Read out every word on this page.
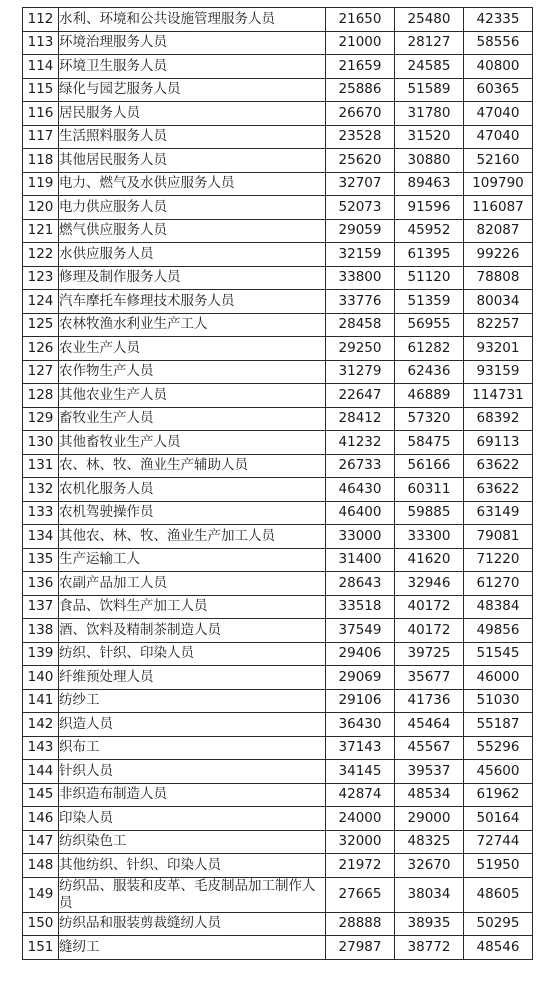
112	水利、环境和公共设施管理服务人员	21650	25480	42335
113	环境治理服务人员	21000	28127	58556
114	环境卫生服务人员	21659	24585	40800
115	绿化与园艺服务人员	25886	51589	60365
116	居民服务人员	26670	31780	47040
117	生活照料服务人员	23528	31520	47040
118	其他居民服务人员	25620	30880	52160
119	电力、燃气及水供应服务人员	32707	89463	109790
120	电力供应服务人员	52073	91596	116087
121	燃气供应服务人员	29059	45952	82087
122	水供应服务人员	32159	61395	99226
123	修理及制作服务人员	33800	51120	78808
124	汽车摩托车修理技术服务人员	33776	51359	80034
125	农林牧渔水利业生产工人	28458	56955	82257
126	农业生产人员	29250	61282	93201
127	农作物生产人员	31279	62436	93159
128	其他农业生产人员	22647	46889	114731
129	畜牧业生产人员	28412	57320	68392
130	其他畜牧业生产人员	41232	58475	69113
131	农、林、牧、渔业生产辅助人员	26733	56166	63622
132	农机化服务人员	46430	60311	63622
133	农机驾驶操作员	46400	59885	63149
134	其他农、林、牧、渔业生产加工人员	33000	33300	79081
135	生产运输工人	31400	41620	71220
136	农副产品加工人员	28643	32946	61270
137	食品、饮料生产加工人员	33518	40172	48384
138	酒、饮料及精制茶制造人员	37549	40172	49856
139	纺织、针织、印染人员	29406	39725	51545
140	纤维预处理人员	29069	35677	46000
141	纺纱工	29106	41736	51030
142	织造人员	36430	45464	55187
143	织布工	37143	45567	55296
144	针织人员	34145	39537	45600
145	非织造布制造人员	42874	48534	61962
146	印染人员	24000	29000	50164
147	纺织染色工	32000	48325	72744
148	其他纺织、针织、印染人员	21972	32670	51950
149	纺织品、服装和皮革、毛皮制品加工制作人员	27665	38034	48605
150	纺织品和服装剪裁缝纫人员	28888	38935	50295
151	缝纫工	27987	38772	48546
